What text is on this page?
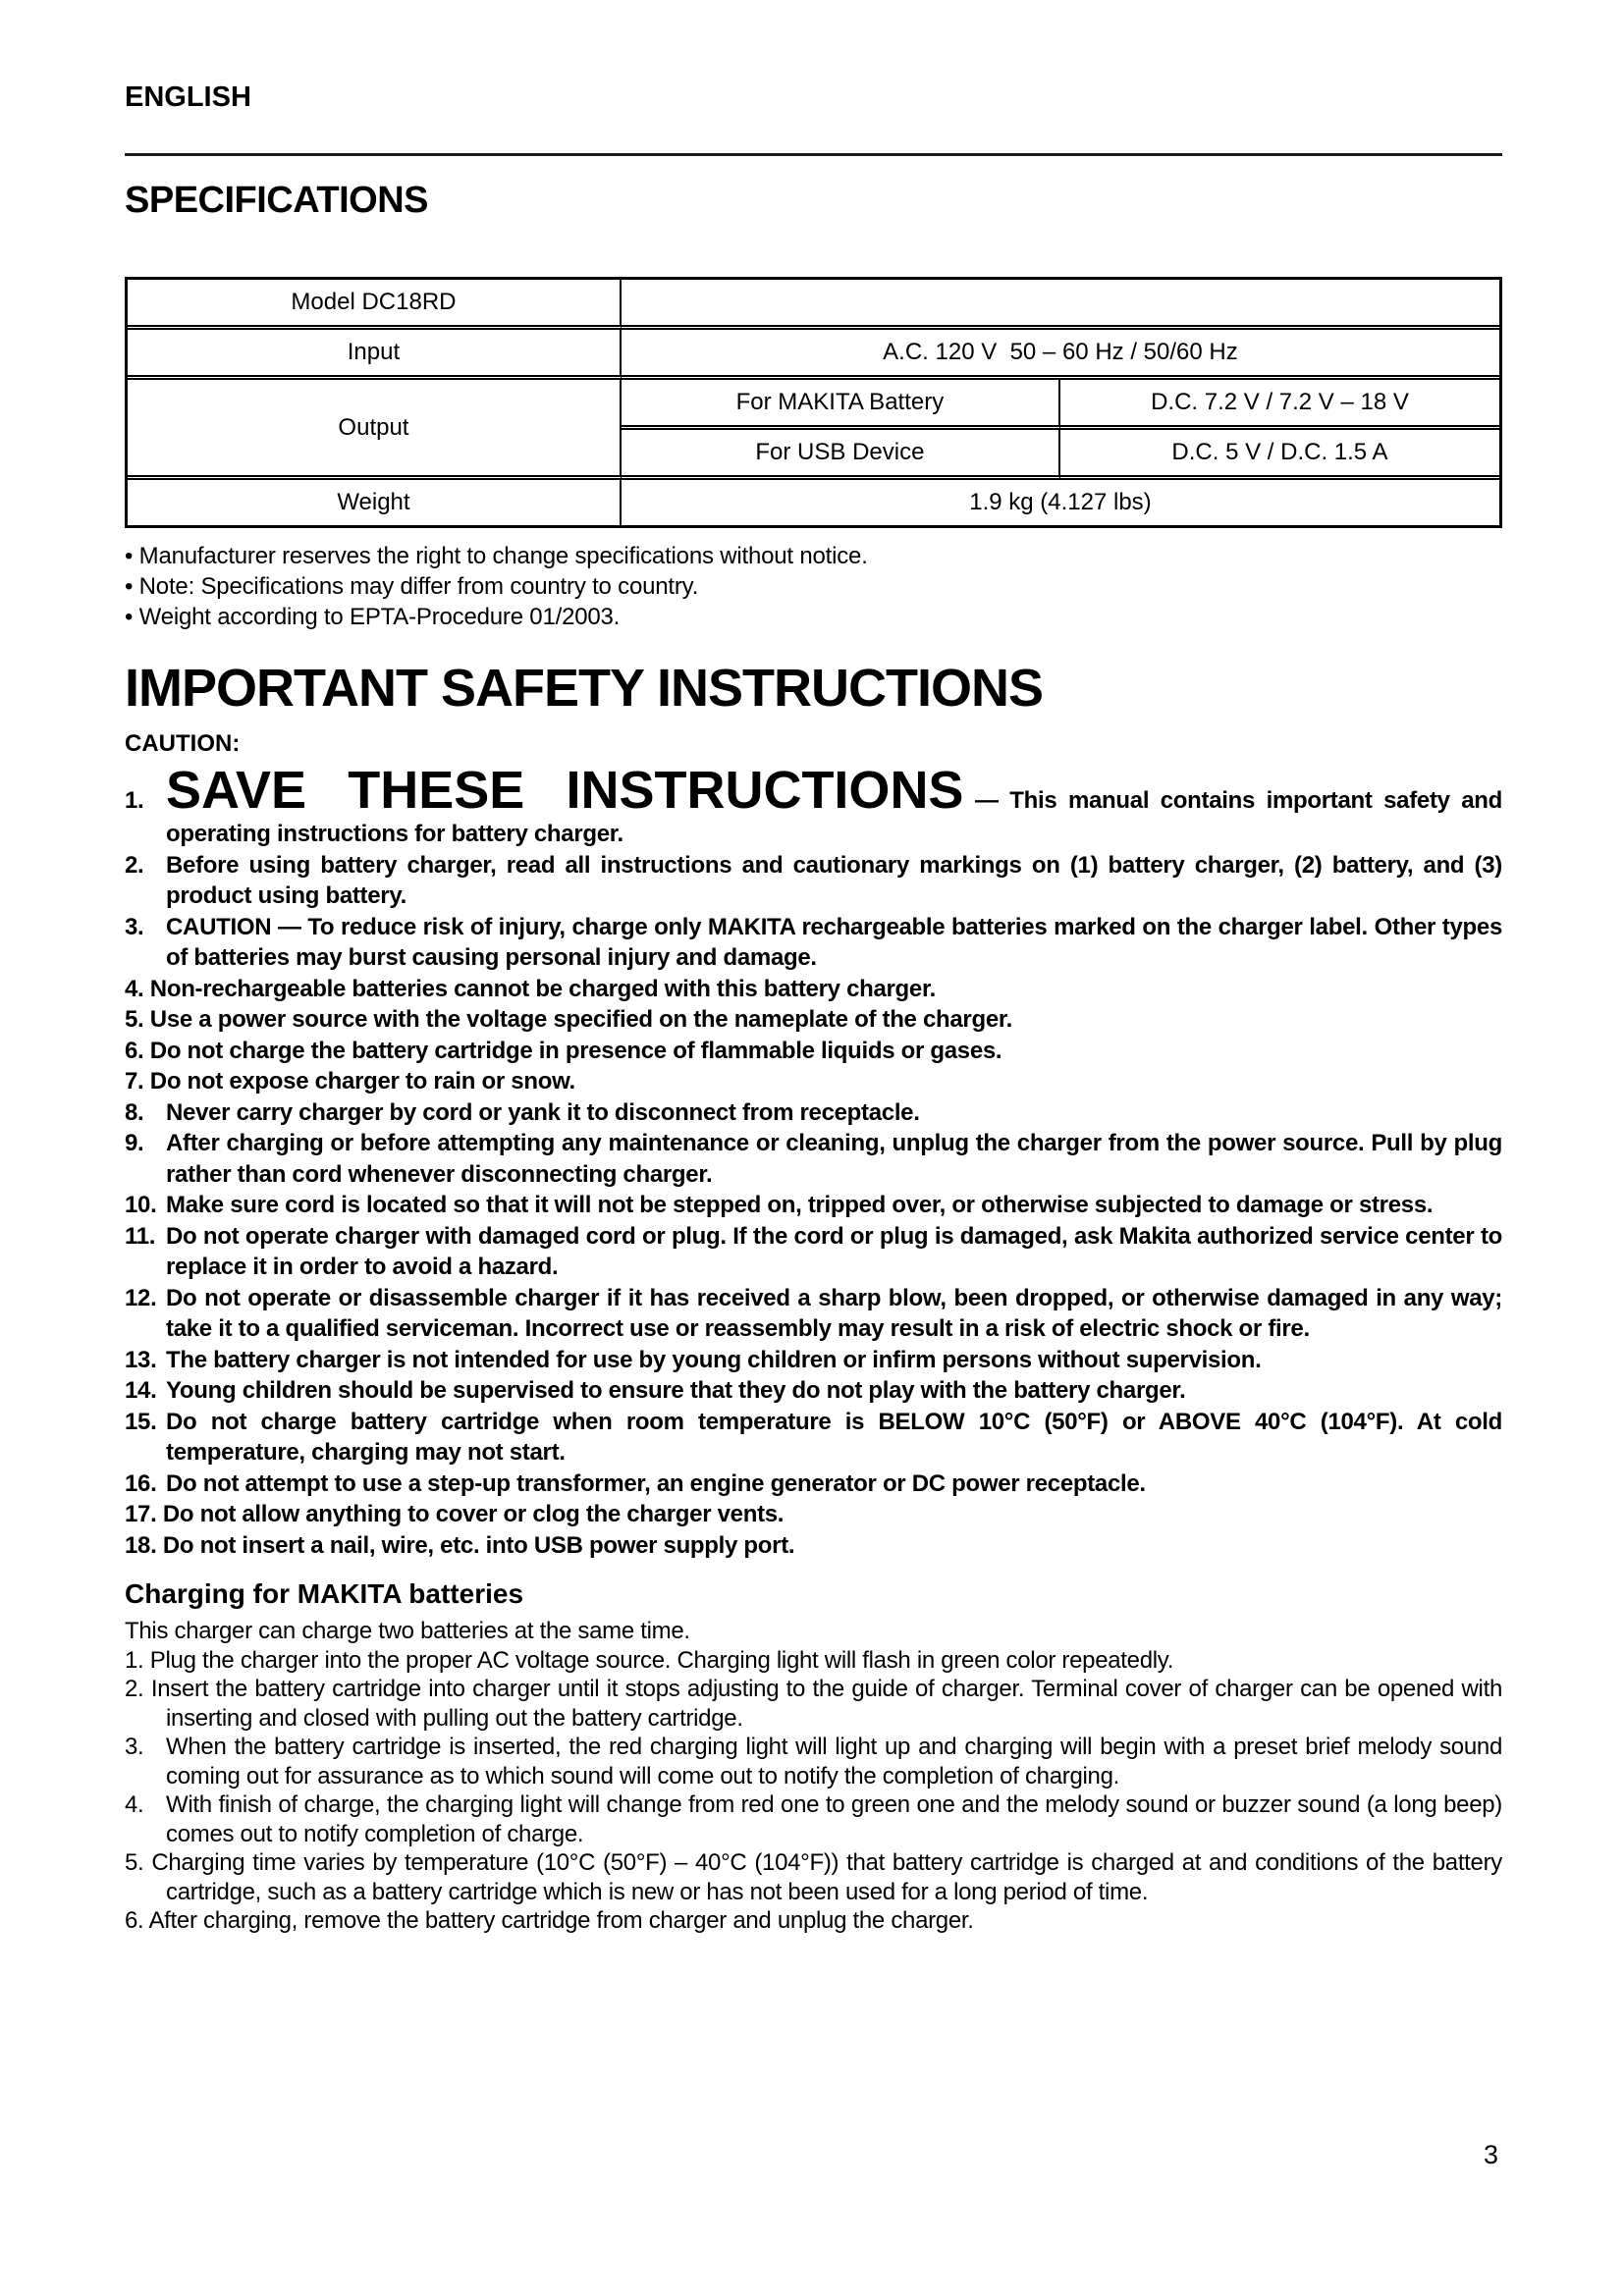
ENGLISH
SPECIFICATIONS
Model DC18RD		
Input	A.C. 120 V  50 – 60 Hz / 50/60 Hz	
Output	For MAKITA Battery	D.C. 7.2 V / 7.2 V – 18 V
	For USB Device	D.C. 5 V / D.C. 1.5 A
Weight	1.9 kg (4.127 lbs)	
• Manufacturer reserves the right to change specifications without notice.
• Note: Specifications may differ from country to country.
• Weight according to EPTA-Procedure 01/2003.
IMPORTANT SAFETY INSTRUCTIONS
CAUTION:
1. SAVE THESE INSTRUCTIONS — This manual contains important safety and operating instructions for battery charger.
2. Before using battery charger, read all instructions and cautionary markings on (1) battery charger, (2) battery, and (3) product using battery.
3. CAUTION — To reduce risk of injury, charge only MAKITA rechargeable batteries marked on the charger label. Other types of batteries may burst causing personal injury and damage.
4. Non-rechargeable batteries cannot be charged with this battery charger.
5. Use a power source with the voltage specified on the nameplate of the charger.
6. Do not charge the battery cartridge in presence of flammable liquids or gases.
7. Do not expose charger to rain or snow.
8. Never carry charger by cord or yank it to disconnect from receptacle.
9. After charging or before attempting any maintenance or cleaning, unplug the charger from the power source. Pull by plug rather than cord whenever disconnecting charger.
10. Make sure cord is located so that it will not be stepped on, tripped over, or otherwise subjected to damage or stress.
11. Do not operate charger with damaged cord or plug. If the cord or plug is damaged, ask Makita authorized service center to replace it in order to avoid a hazard.
12. Do not operate or disassemble charger if it has received a sharp blow, been dropped, or otherwise damaged in any way; take it to a qualified serviceman. Incorrect use or reassembly may result in a risk of electric shock or fire.
13. The battery charger is not intended for use by young children or infirm persons without supervision.
14. Young children should be supervised to ensure that they do not play with the battery charger.
15. Do not charge battery cartridge when room temperature is BELOW 10°C (50°F) or ABOVE 40°C (104°F). At cold temperature, charging may not start.
16. Do not attempt to use a step-up transformer, an engine generator or DC power receptacle.
17. Do not allow anything to cover or clog the charger vents.
18. Do not insert a nail, wire, etc. into USB power supply port.
Charging for MAKITA batteries
This charger can charge two batteries at the same time.
1. Plug the charger into the proper AC voltage source. Charging light will flash in green color repeatedly.
2. Insert the battery cartridge into charger until it stops adjusting to the guide of charger. Terminal cover of charger can be opened with inserting and closed with pulling out the battery cartridge.
3. When the battery cartridge is inserted, the red charging light will light up and charging will begin with a preset brief melody sound coming out for assurance as to which sound will come out to notify the completion of charging.
4. With finish of charge, the charging light will change from red one to green one and the melody sound or buzzer sound (a long beep) comes out to notify completion of charge.
5. Charging time varies by temperature (10°C (50°F) – 40°C (104°F)) that battery cartridge is charged at and conditions of the battery cartridge, such as a battery cartridge which is new or has not been used for a long period of time.
6. After charging, remove the battery cartridge from charger and unplug the charger.
3
